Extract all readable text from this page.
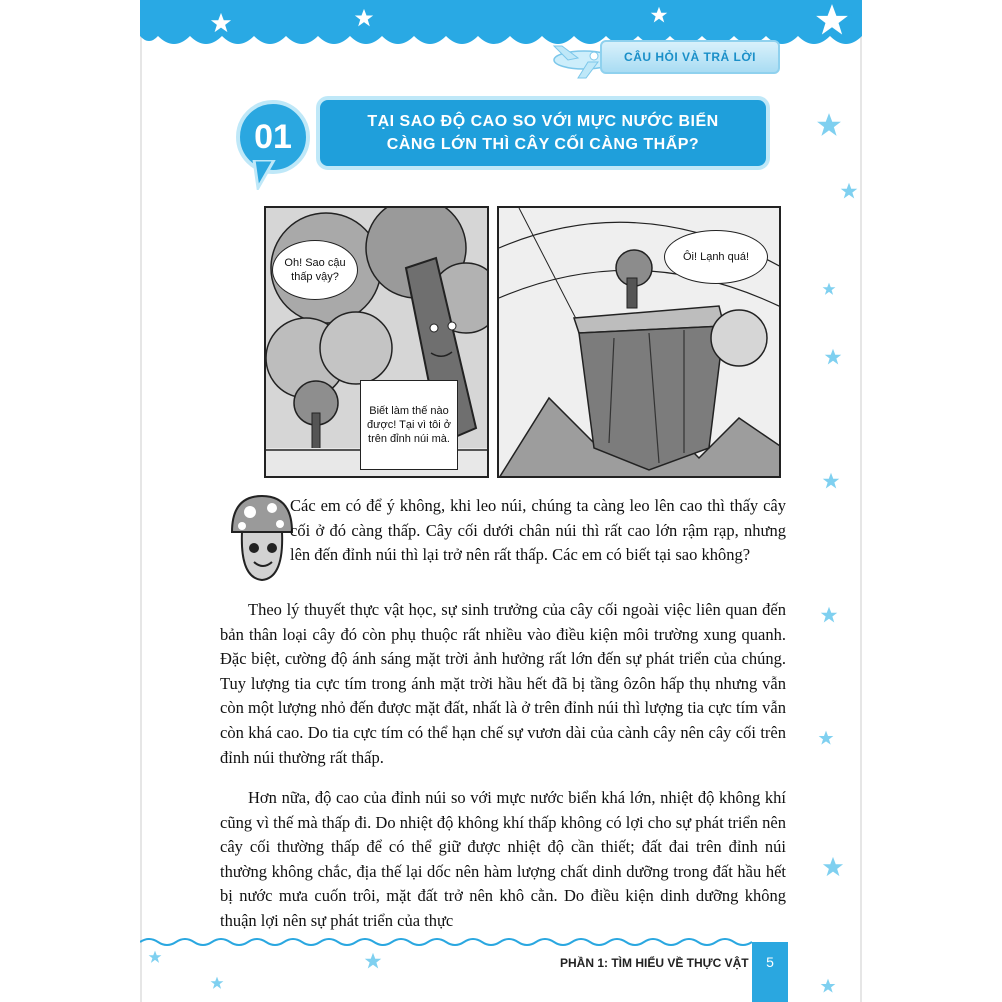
CÂU HỎI VÀ TRẢ LỜI
01	TẠI SAO ĐỘ CAO SO VỚI MỰC NƯỚC BIỂN
CÀNG LỚN THÌ CÂY CỐI CÀNG THẤP?
Oh! Sao cậu thấp vậy?
Biết làm thế nào được! Tại vì tôi ở trên đỉnh núi mà.
Ôi! Lạnh quá!

Các em có để ý không, khi leo núi, chúng ta càng leo lên cao thì thấy cây cối ở đó càng thấp. Cây cối dưới chân núi thì rất cao lớn rậm rạp, nhưng lên đến đỉnh núi thì lại trở nên rất thấp. Các em có biết tại sao không?

Theo lý thuyết thực vật học, sự sinh trưởng của cây cối ngoài việc liên quan đến bản thân loại cây đó còn phụ thuộc rất nhiều vào điều kiện môi trường xung quanh. Đặc biệt, cường độ ánh sáng mặt trời ảnh hưởng rất lớn đến sự phát triển của chúng. Tuy lượng tia cực tím trong ánh mặt trời hầu hết đã bị tầng ôzôn hấp thụ nhưng vẫn còn một lượng nhỏ đến được mặt đất, nhất là ở trên đỉnh núi thì lượng tia cực tím vẫn còn khá cao. Do tia cực tím có thể hạn chế sự vươn dài của cành cây nên cây cối trên đỉnh núi thường rất thấp.

Hơn nữa, độ cao của đỉnh núi so với mực nước biển khá lớn, nhiệt độ không khí cũng vì thế mà thấp đi. Do nhiệt độ không khí thấp không có lợi cho sự phát triển nên cây cối thường thấp để có thể giữ được nhiệt độ cần thiết; đất đai trên đỉnh núi thường không chắc, địa thế lại dốc nên hàm lượng chất dinh dưỡng trong đất hầu hết bị nước mưa cuốn trôi, mặt đất trở nên khô cằn. Do điều kiện dinh dưỡng không thuận lợi nên sự phát triển của thực

PHẦN 1: TÌM HIỂU VỀ THỰC VẬT 5
